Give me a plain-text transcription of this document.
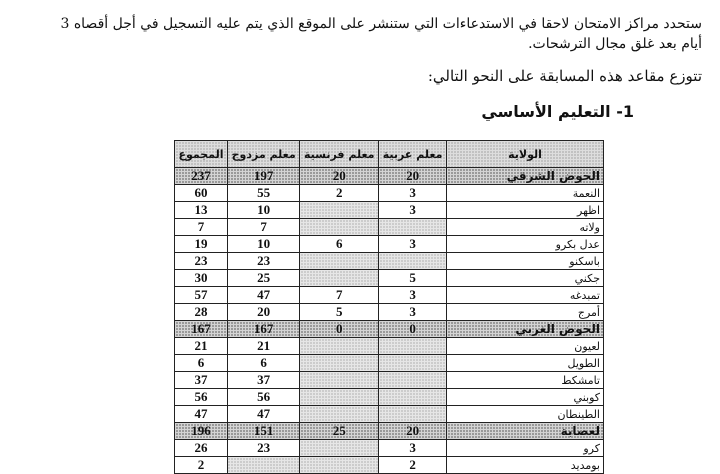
ستحدد مراكز الامتحان لاحقا في الاستدعاءات التي ستنشر على الموقع الذي يتم عليه التسجيل في أجل أقصاه 3
أيام بعد غلق مجال الترشحات.
تتوزع مقاعد هذه المسابقة على النحو التالي:
1- التعليم الأساسي
الولاية	معلم عربية	معلم فرنسية	معلم مزدوج	المجموع
الحوض الشرقي	20	20	197	237
النعمة	3	2	55	60
اظهر	3		10	13
ولاته			7	7
عدل بكرو	3	6	10	19
باسكنو			23	23
جكني	5		25	30
تمبدغه	3	7	47	57
أمرج	3	5	20	28
الحوض الغربي	0	0	167	167
لعيون			21	21
الطويل			6	6
تامشكط			37	37
كوبني			56	56
الطينطان			47	47
لعصابة	20	25	151	196
كرو	3		23	26
بومديد	2			2
